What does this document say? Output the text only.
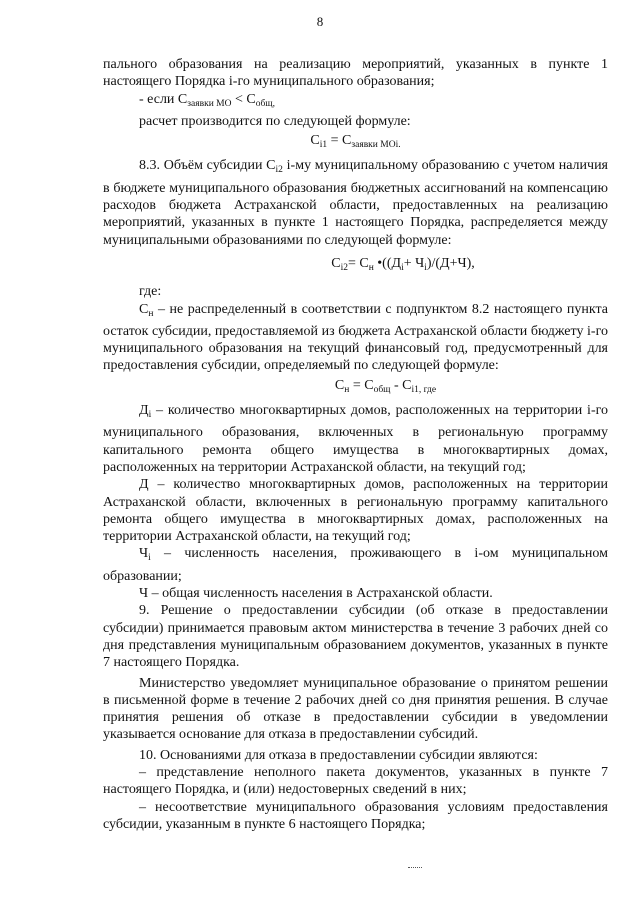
8

пального образования на реализацию мероприятий, указанных в пункте 1 настоящего Порядка i-го муниципального образования;

- если $С_{заявки МО} < С_{общ,}$

расчет производится по следующей формуле:

$С_{i1} = С_{заявки МОi.}$

8.3. Объём субсидии $С_{i2}$ i-му муниципальному образованию с учетом наличия в бюджете муниципального образования бюджетных ассигнований на компенсацию расходов бюджета Астраханской области, предоставленных на реализацию мероприятий, указанных в пункте 1 настоящего Порядка, распределяется между муниципальными образованиями по следующей формуле:

$С_{i2}= С_н$ $•((Д_i+ Ч_i)/(Д+Ч)$,

где:

$С_н$ – не распределенный в соответствии с подпунктом 8.2 настоящего пункта остаток субсидии, предоставляемой из бюджета Астраханской области бюджету i-го муниципального образования на текущий финансовый год, предусмотренный для предоставления субсидии, определяемый по следующей формуле:

$С_н = С_{общ} - С_{i1, где}$

$Д_i$ – количество многоквартирных домов, расположенных на территории i-го муниципального образования, включенных в региональную программу капитального ремонта общего имущества в многоквартирных домах, расположенных на территории Астраханской области, на текущий год;

Д – количество многоквартирных домов, расположенных на территории Астраханской области, включенных в региональную программу капитального ремонта общего имущества в многоквартирных домах, расположенных на территории Астраханской области, на текущий год;

$Ч_i$ – численность населения, проживающего в i-ом муниципальном образовании;

Ч – общая численность населения в Астраханской области.

9. Решение о предоставлении субсидии (об отказе в предоставлении субсидии) принимается правовым актом министерства в течение 3 рабочих дней со дня представления муниципальным образованием документов, указанных в пункте 7 настоящего Порядка.

Министерство уведомляет муниципальное образование о принятом решении в письменной форме в течение 2 рабочих дней со дня принятия решения. В случае принятия решения об отказе в предоставлении субсидии в уведомлении указывается основание для отказа в предоставлении субсидий.

10. Основаниями для отказа в предоставлении субсидии являются:

– представление неполного пакета документов, указанных в пункте 7 настоящего Порядка, и (или) недостоверных сведений в них;

– несоответствие муниципального образования условиям предоставления субсидии, указанным в пункте 6 настоящего Порядка;
